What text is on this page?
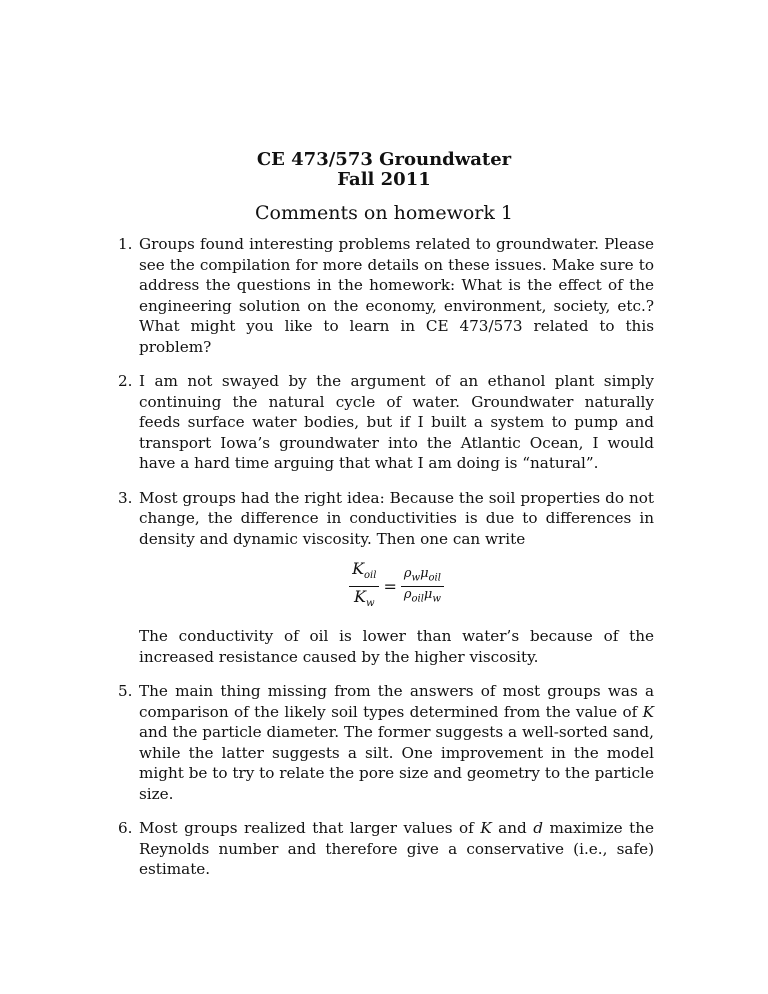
CE 473/573 Groundwater
Fall 2011
Comments on homework 1
1. Groups found interesting problems related to groundwater. Please see the compilation for more details on these issues. Make sure to address the questions in the homework: What is the effect of the engineering solution on the economy, environment, society, etc.? What might you like to learn in CE 473/573 related to this problem?
2. I am not swayed by the argument of an ethanol plant simply continuing the natural cycle of water. Groundwater naturally feeds surface water bodies, but if I built a system to pump and transport Iowa’s groundwater into the Atlantic Ocean, I would have a hard time arguing that what I am doing is “natural”.
3. Most groups had the right idea: Because the soil properties do not change, the difference in conductivities is due to differences in density and dynamic viscosity. Then one can write
$\frac{K_{oil}}{K_w} = \frac{\rho_w\mu_{oil}}{\rho_{oil}\mu_w}$
The conductivity of oil is lower than water’s because of the increased resistance caused by the higher viscosity.
5. The main thing missing from the answers of most groups was a comparison of the likely soil types determined from the value of K and the particle diameter. The former suggests a well-sorted sand, while the latter suggests a silt. One improvement in the model might be to try to relate the pore size and geometry to the particle size.
6. Most groups realized that larger values of K and d maximize the Reynolds number and therefore give a conservative (i.e., safe) estimate.
